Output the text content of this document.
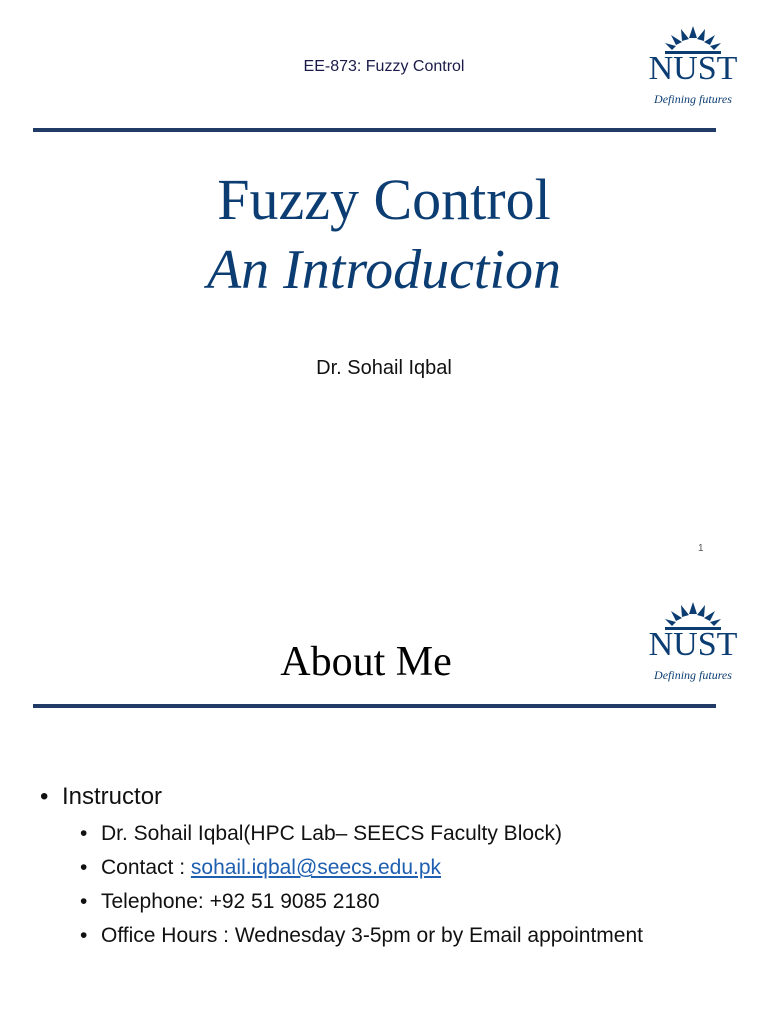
EE-873: Fuzzy Control	NUST
Defining futures
Fuzzy Control
An Introduction
Dr. Sohail Iqbal
1
NUST
Defining futures
About Me
• Instructor
• Dr. Sohail Iqbal(HPC Lab– SEECS Faculty Block)
• Contact : sohail.iqbal@seecs.edu.pk
• Telephone: +92 51 9085 2180
• Office Hours : Wednesday 3-5pm or by Email appointment
